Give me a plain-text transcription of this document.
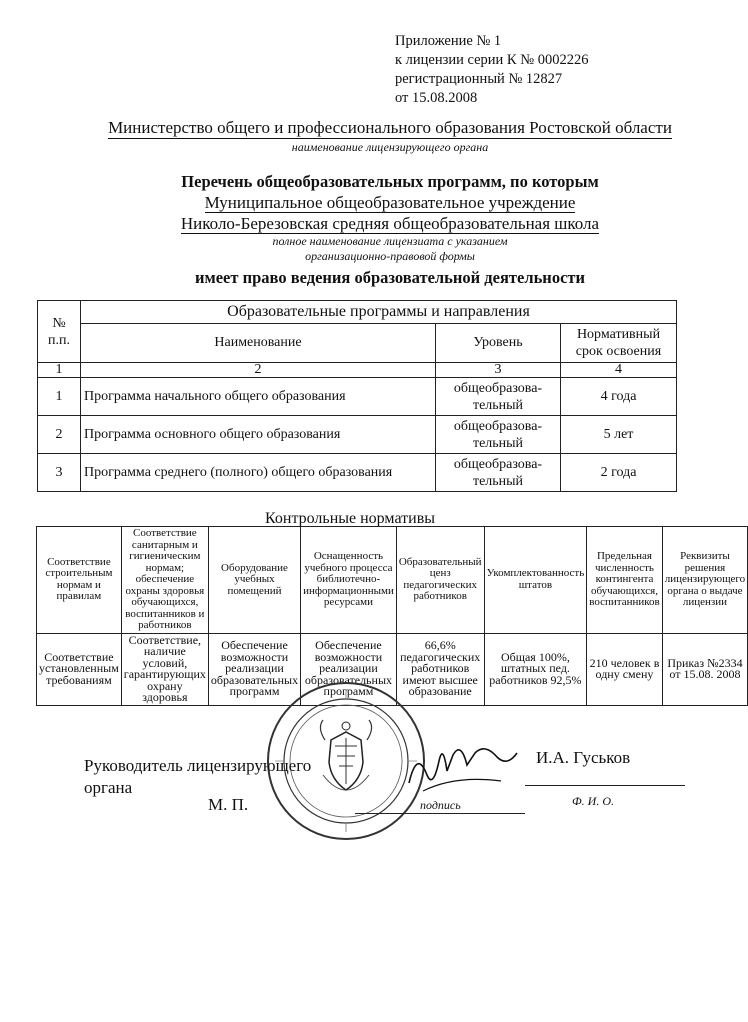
Приложение № 1
к лицензии серии К № 0002226
регистрационный № 12827
от 15.08.2008
Министерство общего и профессионального образования Ростовской области
наименование лицензирующего органа
Перечень общеобразовательных программ, по которым
Муниципальное общеобразовательное учреждение
Николо-Березовская средняя общеобразовательная школа
полное наименование лицензиата с указанием
организационно-правовой формы
имеет право ведения образовательной деятельности
№ п.п.	Образовательные программы и направления		
	Наименование	Уровень	Нормативный срок освоения
1	2	3	4
1	Программа начального общего образования	общеобразова-тельный	4 года
2	Программа основного общего образования	общеобразова-тельный	5 лет
3	Программа среднего (полного) общего образования	общеобразова-тельный	2 года
Контрольные нормативы
Соответствие строительным нормам и правилам	Соответствие санитарным и гигиеническим нормам; обеспечение охраны здоровья обучающихся, воспитанников и работников	Оборудование учебных помещений	Оснащенность учебного процесса библиотечно-информационными ресурсами	Образовательный ценз педагогических работников	Укомплектованность штатов	Предельная численность контингента обучающихся, воспитанников	Реквизиты решения лицензирующего органа о выдаче лицензии
Соответствие установленным требованиям	Соответствие, наличие условий, гарантирующих охрану здоровья	Обеспечение возможности реализации образовательных программ	Обеспечение возможности реализации образовательных программ	66,6% педагогических работников имеют высшее образование	Общая 100%, штатных пед. работников 92,5%	210 человек в одну смену	Приказ №2334 от 15.08. 2008
Руководитель лицензирующего
органа
М. П.	подпись
И.А. Гуськов
Ф. И. О.
